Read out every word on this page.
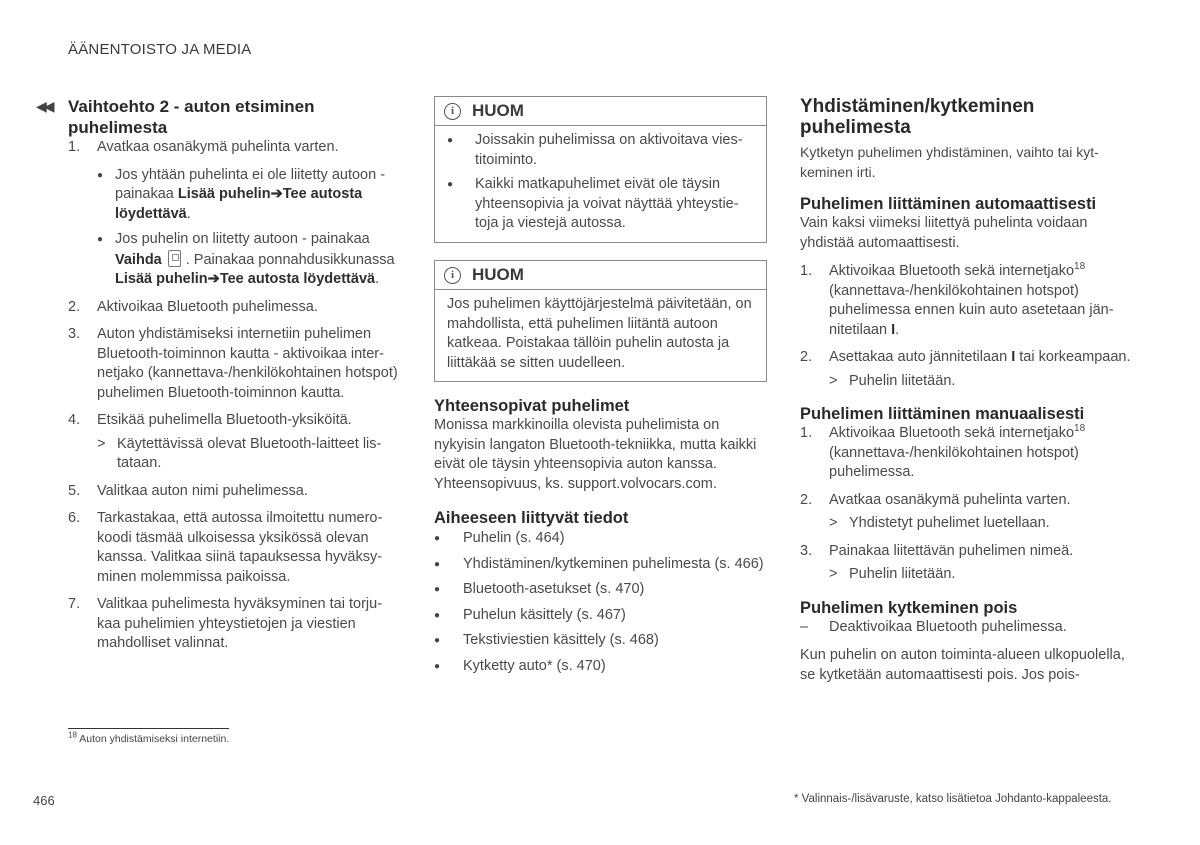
ÄÄNENTOISTO JA MEDIA
◀◀ Vaihtoehto 2 - auton etsiminen puhelimesta
1. Avatkaa osanäkymä puhelinta varten.
● Jos yhtään puhelinta ei ole liitetty autoon - painakaa Lisää puhelin➔Tee autosta löydettävä.
● Jos puhelin on liitetty autoon - painakaa Vaihda . Painakaa ponnahdusikkunassa Lisää puhelin➔Tee autosta löydettävä.
2. Aktivoikaa Bluetooth puhelimessa.
3. Auton yhdistämiseksi internetiin puhelimen Bluetooth-toiminnon kautta - aktivoikaa internetjako (kannettava-/henkilökohtainen hotspot) puhelimen Bluetooth-toiminnon kautta.
4. Etsikää puhelimella Bluetooth-yksiköitä.
> Käytettävissä olevat Bluetooth-laitteet listataan.
5. Valitkaa auton nimi puhelimessa.
6. Tarkastakaa, että autossa ilmoitettu numerokoodi täsmää ulkoisessa yksikössä olevan kanssa. Valitkaa siinä tapauksessa hyväksyminen molemmissa paikoissa.
7. Valitkaa puhelimesta hyväksyminen tai torjukaa puhelimien yhteystietojen ja viestien mahdolliset valinnat.
i	HUOM
● Joissakin puhelimissa on aktivoitava viestitoiminto.
● Kaikki matkapuhelimet eivät ole täysin yhteensopivia ja voivat näyttää yhteystietoja ja viestejä autossa.
i	HUOM

Jos puhelimen käyttöjärjestelmä päivitetään, on mahdollista, että puhelimen liitäntä autoon katkeaa. Poistakaa tällöin puhelin autosta ja liittäkää se sitten uudelleen.

Yhteensopivat puhelimet

Monissa markkinoilla olevista puhelimista on nykyisin langaton Bluetooth-tekniikka, mutta kaikki eivät ole täysin yhteensopivia auton kanssa. Yhteensopivuus, ks. support.volvocars.com.

Aiheeseen liittyvät tiedot
● Puhelin (s. 464)
● Yhdistäminen/kytkeminen puhelimesta (s. 466)
● Bluetooth-asetukset (s. 470)
● Puhelun käsittely (s. 467)
● Tekstiviestien käsittely (s. 468)
● Kytketty auto* (s. 470)
Yhdistäminen/kytkeminen puhelimesta

Kytketyn puhelimen yhdistäminen, vaihto tai kytkeminen irti.

Puhelimen liittäminen automaattisesti

Vain kaksi viimeksi liitettyä puhelinta voidaan yhdistää automaattisesti.

1. Aktivoikaa Bluetooth sekä internetjako$^{18}$ (kannettava-/henkilökohtainen hotspot) puhelimessa ennen kuin auto asetetaan jännitetilaan I.
2. Asettakaa auto jännitetilaan I tai korkeampaan.
> Puhelin liitetään.
Puhelimen liittäminen manuaalisesti
1. Aktivoikaa Bluetooth sekä internetjako$^{18}$ (kannettava-/henkilökohtainen hotspot) puhelimessa.
2. Avatkaa osanäkymä puhelinta varten.
> Yhdistetyt puhelimet luetellaan.
3. Painakaa liitettävän puhelimen nimeä.
> Puhelin liitetään.
Puhelimen kytkeminen pois
– Deaktivoikaa Bluetooth puhelimessa.

Kun puhelin on auton toiminta-alueen ulkopuolella, se kytketään automaattisesti pois. Jos pois-

$^{18}$ Auton yhdistämiseksi internetiin.
466	* Valinnais-/lisävaruste, katso lisätietoa Johdanto-kappaleesta.
